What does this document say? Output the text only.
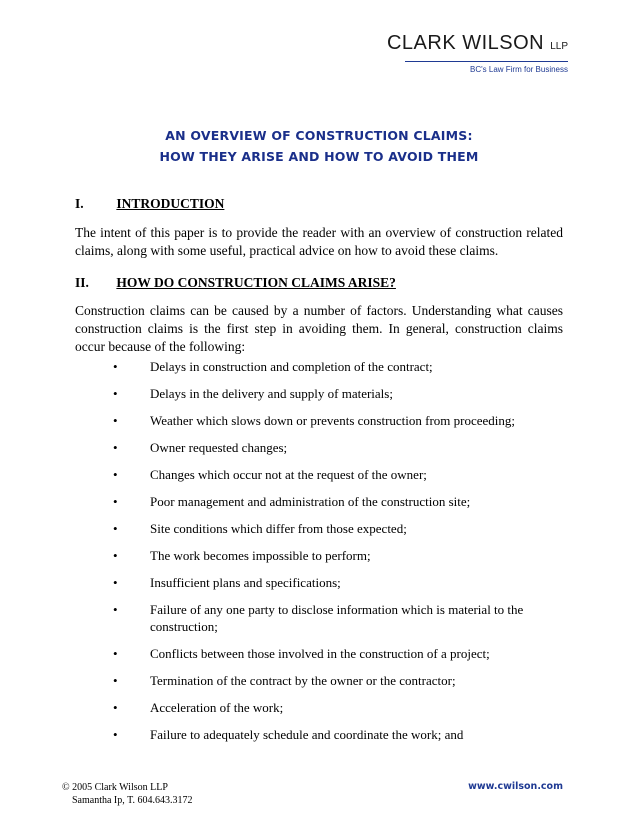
CLARK WILSON LLP
BC's Law Firm for Business
AN OVERVIEW OF CONSTRUCTION CLAIMS:
HOW THEY ARISE AND HOW TO AVOID THEM
I. INTRODUCTION
The intent of this paper is to provide the reader with an overview of construction related claims, along with some useful, practical advice on how to avoid these claims.
II. HOW DO CONSTRUCTION CLAIMS ARISE?
Construction claims can be caused by a number of factors. Understanding what causes construction claims is the first step in avoiding them. In general, construction claims occur because of the following:
• Delays in construction and completion of the contract;
• Delays in the delivery and supply of materials;
• Weather which slows down or prevents construction from proceeding;
• Owner requested changes;
• Changes which occur not at the request of the owner;
• Poor management and administration of the construction site;
• Site conditions which differ from those expected;
• The work becomes impossible to perform;
• Insufficient plans and specifications;
• Failure of any one party to disclose information which is material to the construction;
• Conflicts between those involved in the construction of a project;
• Termination of the contract by the owner or the contractor;
• Acceleration of the work;
• Failure to adequately schedule and coordinate the work; and
© 2005 Clark Wilson LLP
Samantha Ip, T. 604.643.3172
www.cwilson.com
